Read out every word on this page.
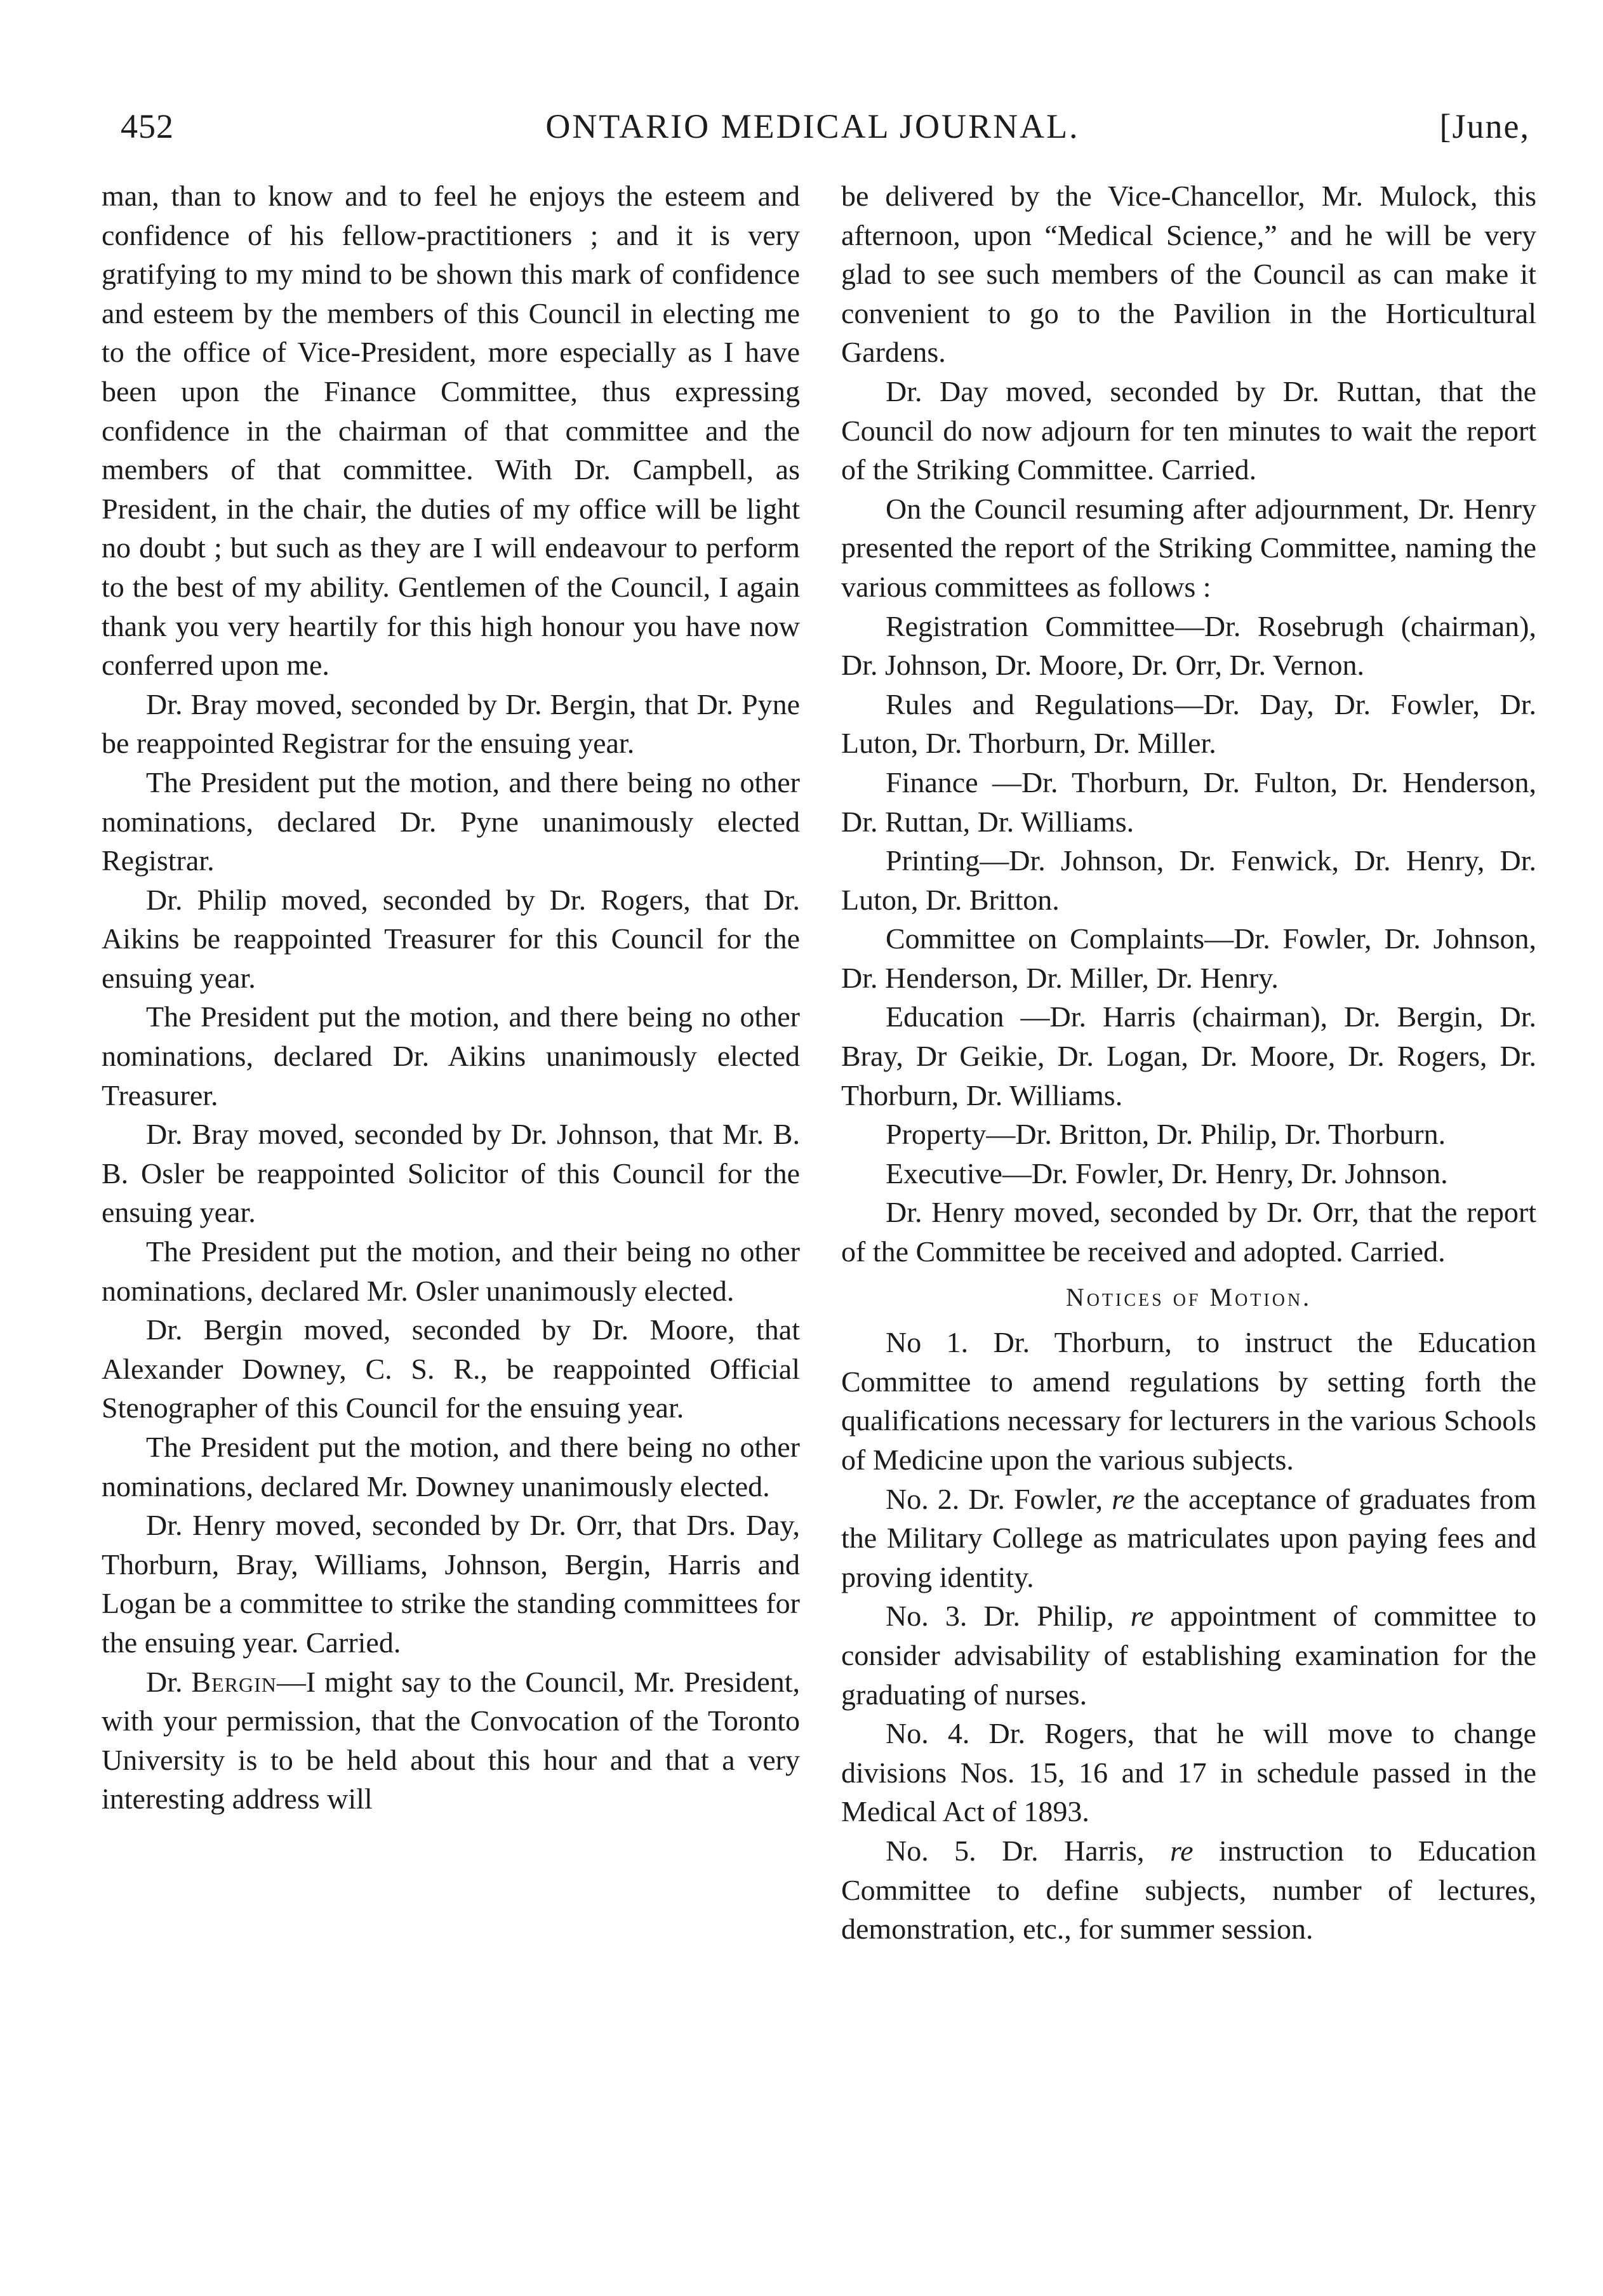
452	ONTARIO MEDICAL JOURNAL.	[June,

man, than to know and to feel he enjoys the esteem and confidence of his fellow-practitioners ; and it is very gratifying to my mind to be shown this mark of confidence and esteem by the members of this Council in electing me to the office of Vice-President, more especially as I have been upon the Finance Committee, thus expressing confidence in the chairman of that committee and the members of that committee. With Dr. Campbell, as President, in the chair, the duties of my office will be light no doubt ; but such as they are I will endeavour to perform to the best of my ability. Gentlemen of the Council, I again thank you very heartily for this high honour you have now conferred upon me.

Dr. Bray moved, seconded by Dr. Bergin, that Dr. Pyne be reappointed Registrar for the ensuing year.

The President put the motion, and there being no other nominations, declared Dr. Pyne unanimously elected Registrar.

Dr. Philip moved, seconded by Dr. Rogers, that Dr. Aikins be reappointed Treasurer for this Council for the ensuing year.

The President put the motion, and there being no other nominations, declared Dr. Aikins unanimously elected Treasurer.

Dr. Bray moved, seconded by Dr. Johnson, that Mr. B. B. Osler be reappointed Solicitor of this Council for the ensuing year.

The President put the motion, and their being no other nominations, declared Mr. Osler unanimously elected.

Dr. Bergin moved, seconded by Dr. Moore, that Alexander Downey, C. S. R., be reappointed Official Stenographer of this Council for the ensuing year.

The President put the motion, and there being no other nominations, declared Mr. Downey unanimously elected.

Dr. Henry moved, seconded by Dr. Orr, that Drs. Day, Thorburn, Bray, Williams, Johnson, Bergin, Harris and Logan be a committee to strike the standing committees for the ensuing year. Carried.

Dr. Bergin—I might say to the Council, Mr. President, with your permission, that the Convocation of the Toronto University is to be held about this hour and that a very interesting address will

be delivered by the Vice-Chancellor, Mr. Mulock, this afternoon, upon “Medical Science,” and he will be very glad to see such members of the Council as can make it convenient to go to the Pavilion in the Horticultural Gardens.

Dr. Day moved, seconded by Dr. Ruttan, that the Council do now adjourn for ten minutes to wait the report of the Striking Committee. Carried.

On the Council resuming after adjournment, Dr. Henry presented the report of the Striking Committee, naming the various committees as follows :

Registration Committee—Dr. Rosebrugh (chairman), Dr. Johnson, Dr. Moore, Dr. Orr, Dr. Vernon.

Rules and Regulations—Dr. Day, Dr. Fowler, Dr. Luton, Dr. Thorburn, Dr. Miller.

Finance —Dr. Thorburn, Dr. Fulton, Dr. Henderson, Dr. Ruttan, Dr. Williams.

Printing—Dr. Johnson, Dr. Fenwick, Dr. Henry, Dr. Luton, Dr. Britton.

Committee on Complaints—Dr. Fowler, Dr. Johnson, Dr. Henderson, Dr. Miller, Dr. Henry.

Education —Dr. Harris (chairman), Dr. Bergin, Dr. Bray, Dr Geikie, Dr. Logan, Dr. Moore, Dr. Rogers, Dr. Thorburn, Dr. Williams.

Property—Dr. Britton, Dr. Philip, Dr. Thorburn.

Executive—Dr. Fowler, Dr. Henry, Dr. Johnson.

Dr. Henry moved, seconded by Dr. Orr, that the report of the Committee be received and adopted. Carried.

Notices of Motion.

No 1. Dr. Thorburn, to instruct the Education Committee to amend regulations by setting forth the qualifications necessary for lecturers in the various Schools of Medicine upon the various subjects.

No. 2. Dr. Fowler, re the acceptance of graduates from the Military College as matriculates upon paying fees and proving identity.

No. 3. Dr. Philip, re appointment of committee to consider advisability of establishing examination for the graduating of nurses.

No. 4. Dr. Rogers, that he will move to change divisions Nos. 15, 16 and 17 in schedule passed in the Medical Act of 1893.

No. 5. Dr. Harris, re instruction to Education Committee to define subjects, number of lectures, demonstration, etc., for summer session.
